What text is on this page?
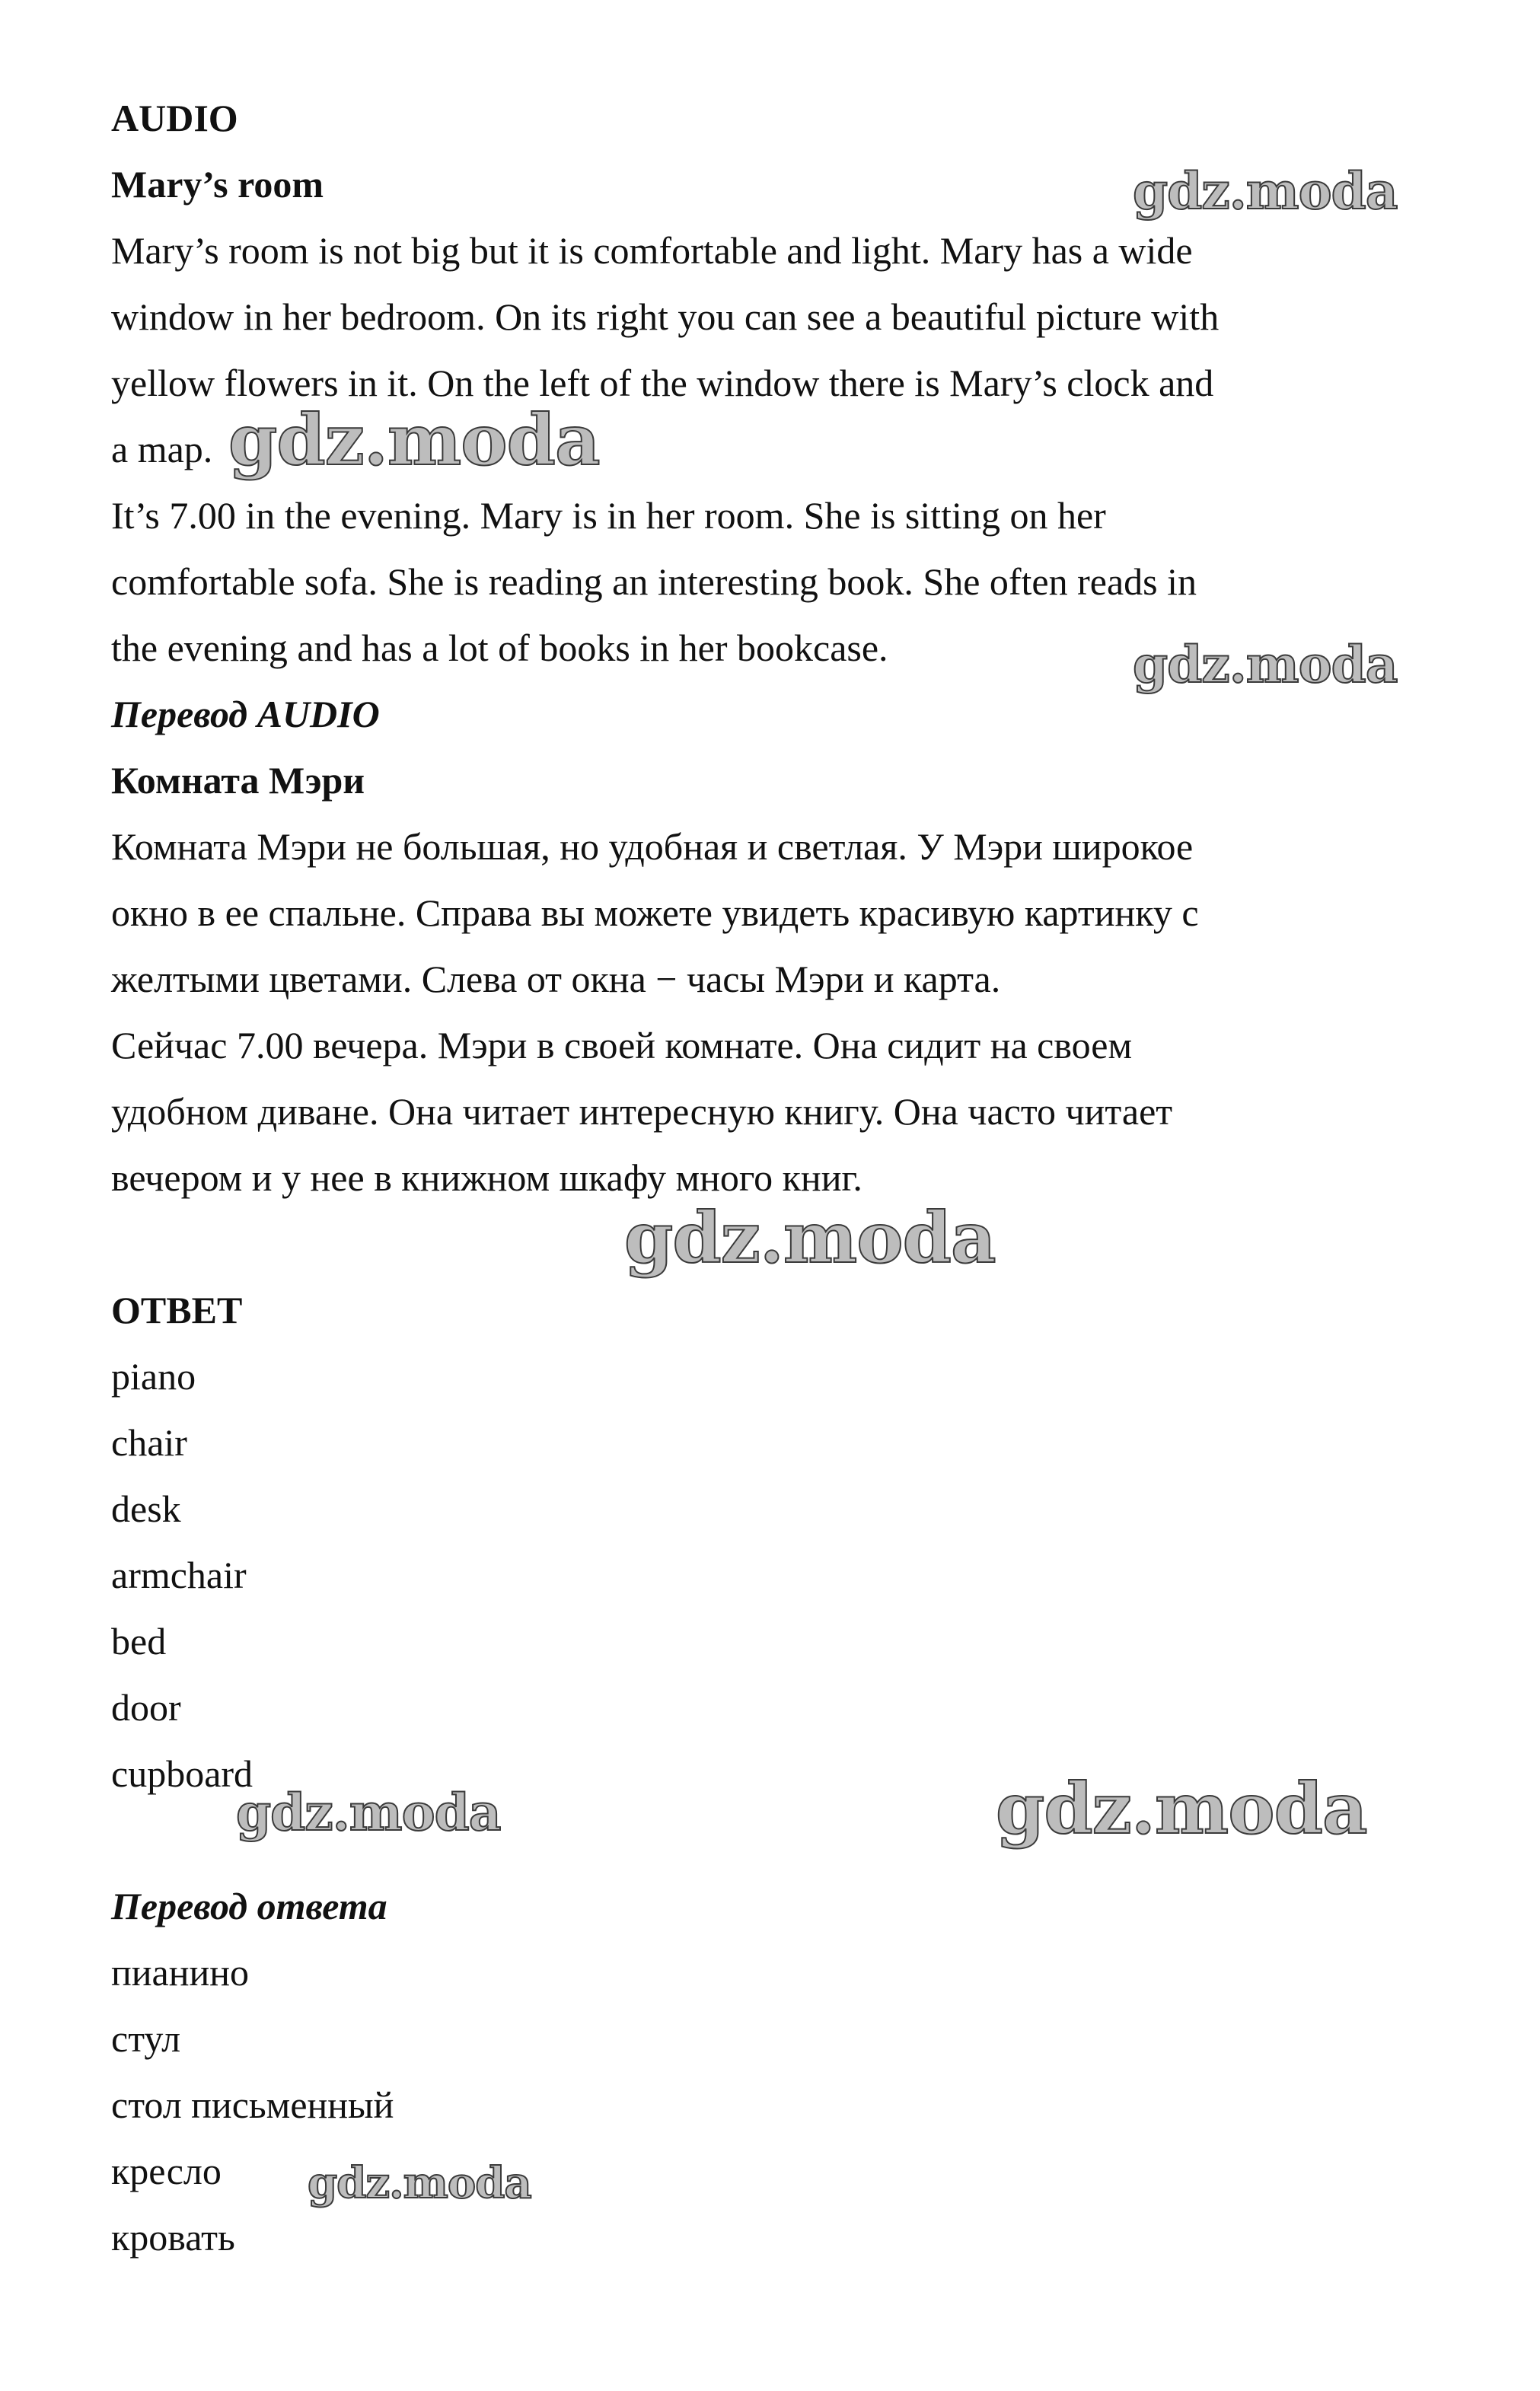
AUDIO
Mary’s room
Mary’s room is not big but it is comfortable and light. Mary has a wide
window in her bedroom. On its right you can see a beautiful picture with
yellow flowers in it. On the left of the window there is Mary’s clock and
a map.
It’s 7.00 in the evening. Mary is in her room. She is sitting on her
comfortable sofa. She is reading an interesting book. She often reads in
the evening and has a lot of books in her bookcase.
Перевод AUDIO
Комната Мэри
Комната Мэри не большая, но удобная и светлая. У Мэри широкое
окно в ее спальне. Справа вы можете увидеть красивую картинку с
желтыми цветами. Слева от окна − часы Мэри и карта.
Сейчас 7.00 вечера. Мэри в своей комнате. Она сидит на своем
удобном диване. Она читает интересную книгу. Она часто читает
вечером и у нее в книжном шкафу много книг.
ОТВЕТ
piano
chair
desk
armchair
bed
door
cupboard
Перевод ответа
пианино
стул
стол письменный
кресло
кровать
gdz.moda
gdz.moda
gdz.moda
gdz.moda
gdz.moda	gdz.moda
gdz.moda
